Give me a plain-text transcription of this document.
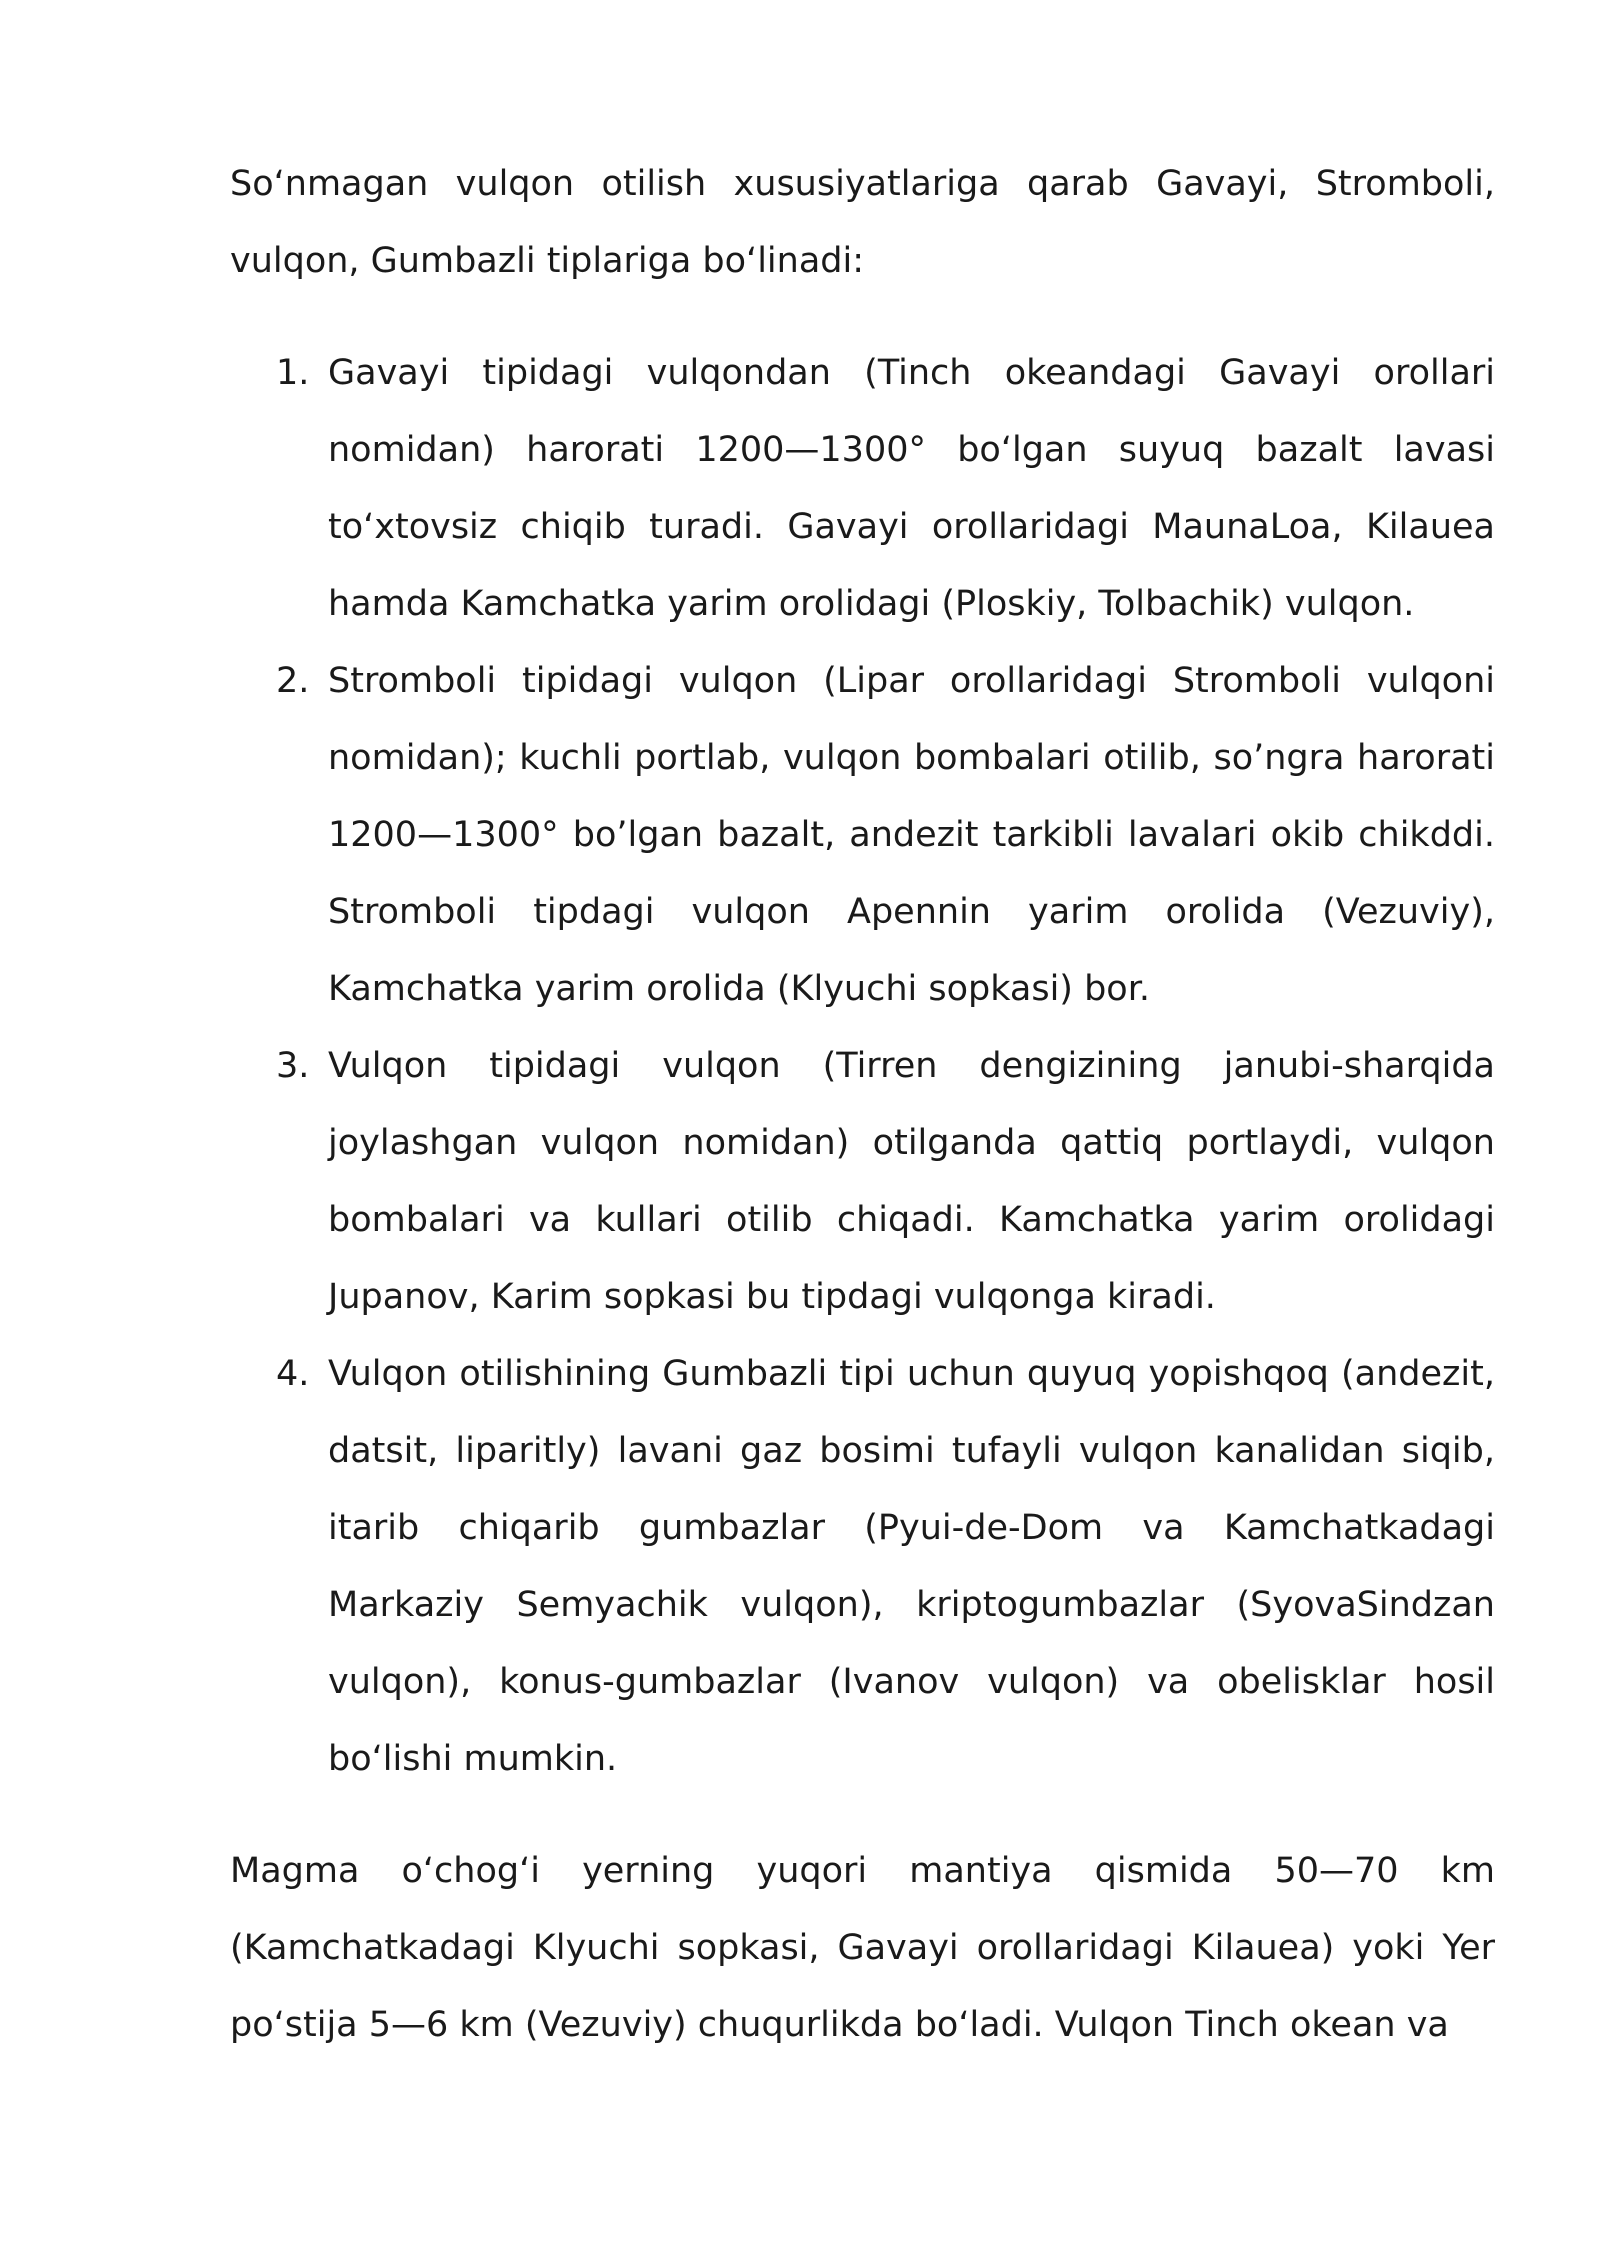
So‘nmagan vulqon otilish xususiyatlariga qarab Gavayi, Stromboli, vulqon, Gumbazli tiplariga bo‘linadi:

1. Gavayi tipidagi vulqondan (Tinch okeandagi Gavayi orollari nomidan) harorati 1200—1300° bo‘lgan suyuq bazalt lavasi to‘xtovsiz chiqib turadi. Gavayi orollaridagi MaunaLoa, Kilauea hamda Kamchatka yarim orolidagi (Ploskiy, Tolbachik) vulqon.
2. Stromboli tipidagi vulqon (Lipar orollaridagi Stromboli vulqoni nomidan); kuchli portlab, vulqon bombalari otilib, so’ngra harorati 1200—1300° bo’lgan bazalt, andezit tarkibli lavalari okib chikddi. Stromboli tipdagi vulqon Apennin yarim orolida (Vezuviy), Kamchatka yarim orolida (Klyuchi sopkasi) bor.
3. Vulqon tipidagi vulqon (Tirren dengizining janubi-sharqida joylashgan vulqon nomidan) otilganda qattiq portlaydi, vulqon bombalari va kullari otilib chiqadi. Kamchatka yarim orolidagi Jupanov, Karim sopkasi bu tipdagi vulqonga kiradi.
4. Vulqon otilishining Gumbazli tipi uchun quyuq yopishqoq (andezit, datsit, liparitly) lavani gaz bosimi tufayli vulqon kanalidan siqib, itarib chiqarib gumbazlar (Pyui-de-Dom va Kamchatkadagi Markaziy Semyachik vulqon), kriptogumbazlar (SyovaSindzan vulqon), konus-gumbazlar (Ivanov vulqon) va obelisklar hosil bo‘lishi mumkin.

Magma o‘chog‘i yerning yuqori mantiya qismida 50—70 km (Kamchatkadagi Klyuchi sopkasi, Gavayi orollaridagi Kilauea) yoki Yer po‘stija 5—6 km (Vezuviy) chuqurlikda bo‘ladi. Vulqon Tinch okean va
